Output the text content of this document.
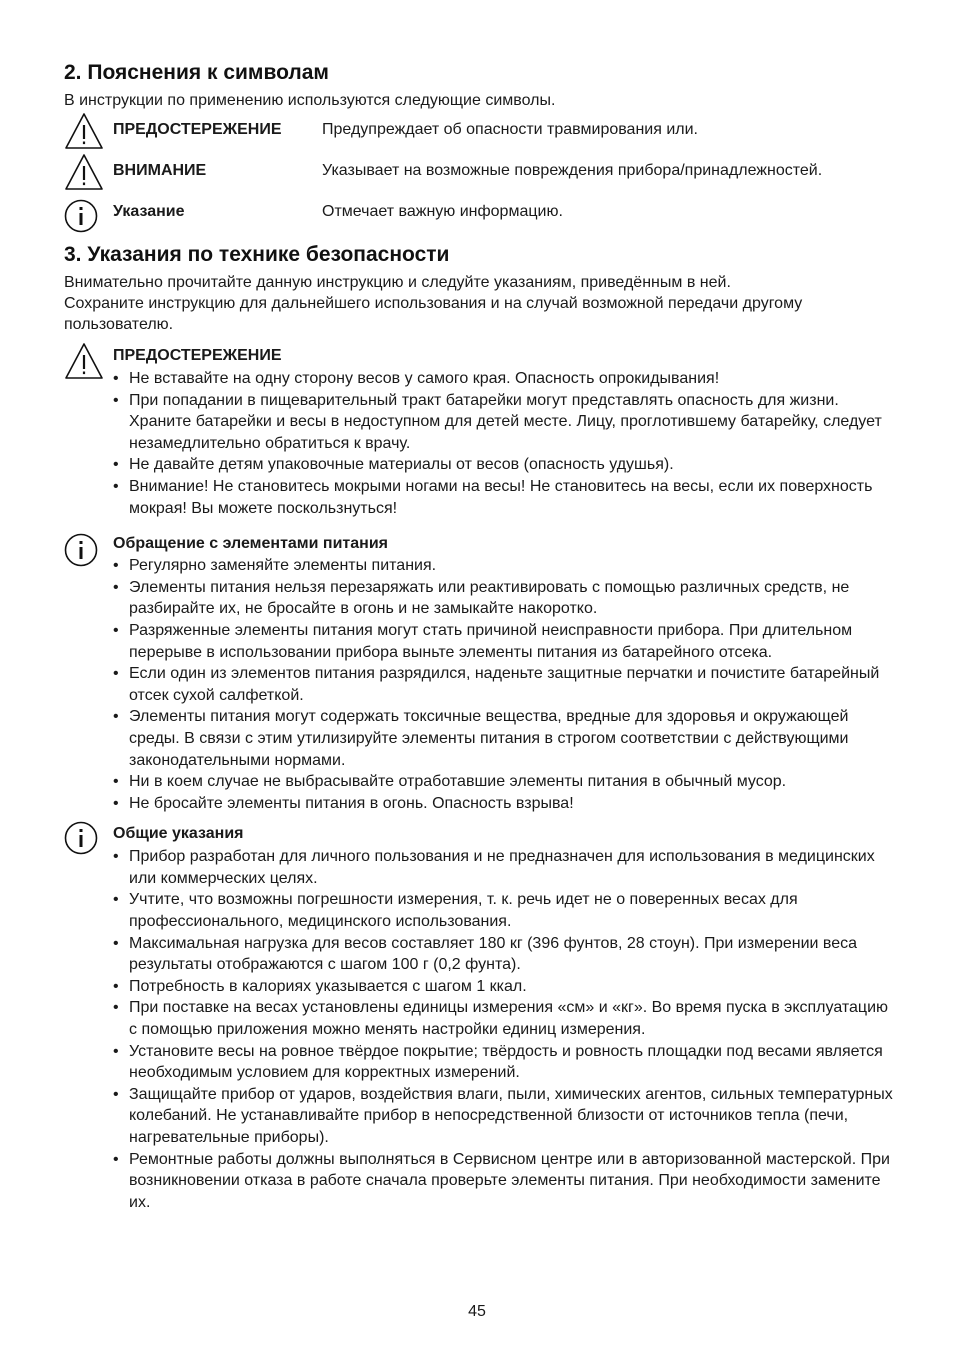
2. Пояснения к символам

В инструкции по применению используются следующие символы.

ПРЕДОСТЕРЕЖЕНИЕ	Предупреждает об опасности травмирования или.
ВНИМАНИЕ	Указывает на возможные повреждения прибора/принадлежностей.
Указание	Отмечает важную информацию.
3. Указания по технике безопасности

Внимательно прочитайте данную инструкцию и следуйте указаниям, приведённым в ней.

Сохраните инструкцию для дальнейшего использования и на случай возможной передачи другому пользователю.

ПРЕДОСТЕРЕЖЕНИЕ
• Не вставайте на одну сторону весов у самого края. Опасность опрокидывания!
• При попадании в пищеварительный тракт батарейки могут представлять опасность для жизни. Храните батарейки и весы в недоступном для детей месте. Лицу, проглотившему батарейку, следует незамедлительно обратиться к врачу.
• Не давайте детям упаковочные материалы от весов (опасность удушья).
• Внимание! Не становитесь мокрыми ногами на весы! Не становитесь на весы, если их поверхность мокрая! Вы можете поскользнуться!
Обращение с элементами питания
• Регулярно заменяйте элементы питания.
• Элементы питания нельзя перезаряжать или реактивировать с помощью различных средств, не разбирайте их, не бросайте в огонь и не замыкайте накоротко.
• Разряженные элементы питания могут стать причиной неисправности прибора. При длительном перерыве в использовании прибора выньте элементы питания из батарейного отсека.
• Если один из элементов питания разрядился, наденьте защитные перчатки и почистите батарейный отсек сухой салфеткой.
• Элементы питания могут содержать токсичные вещества, вредные для здоровья и окружающей среды. В связи с этим утилизируйте элементы питания в строгом соответствии с действующими законодательными нормами.
• Ни в коем случае не выбрасывайте отработавшие элементы питания в обычный мусор.
• Не бросайте элементы питания в огонь. Опасность взрыва!
Общие указания
• Прибор разработан для личного пользования и не предназначен для использования в медицинских или коммерческих целях.
• Учтите, что возможны погрешности измерения, т. к. речь идет не о поверенных весах для профессионального, медицинского использования.
• Максимальная нагрузка для весов составляет 180 кг (396 фунтов, 28 стоун). При измерении веса результаты отображаются с шагом 100 г (0,2 фунта).
• Потребность в калориях указывается с шагом 1 ккал.
• При поставке на весах установлены единицы измерения «см» и «кг». Во время пуска в эксплуатацию с помощью приложения можно менять настройки единиц измерения.
• Установите весы на ровное твёрдое покрытие; твёрдость и ровность площадки под весами является необходимым условием для корректных измерений.
• Защищайте прибор от ударов, воздействия влаги, пыли, химических агентов, сильных температурных колебаний. Не устанавливайте прибор в непосредственной близости от источников тепла (печи, нагревательные приборы).
• Ремонтные работы должны выполняться в Сервисном центре или в авторизованной мастерской. При возникновении отказа в работе сначала проверьте элементы питания. При необходимости замените их.
45
